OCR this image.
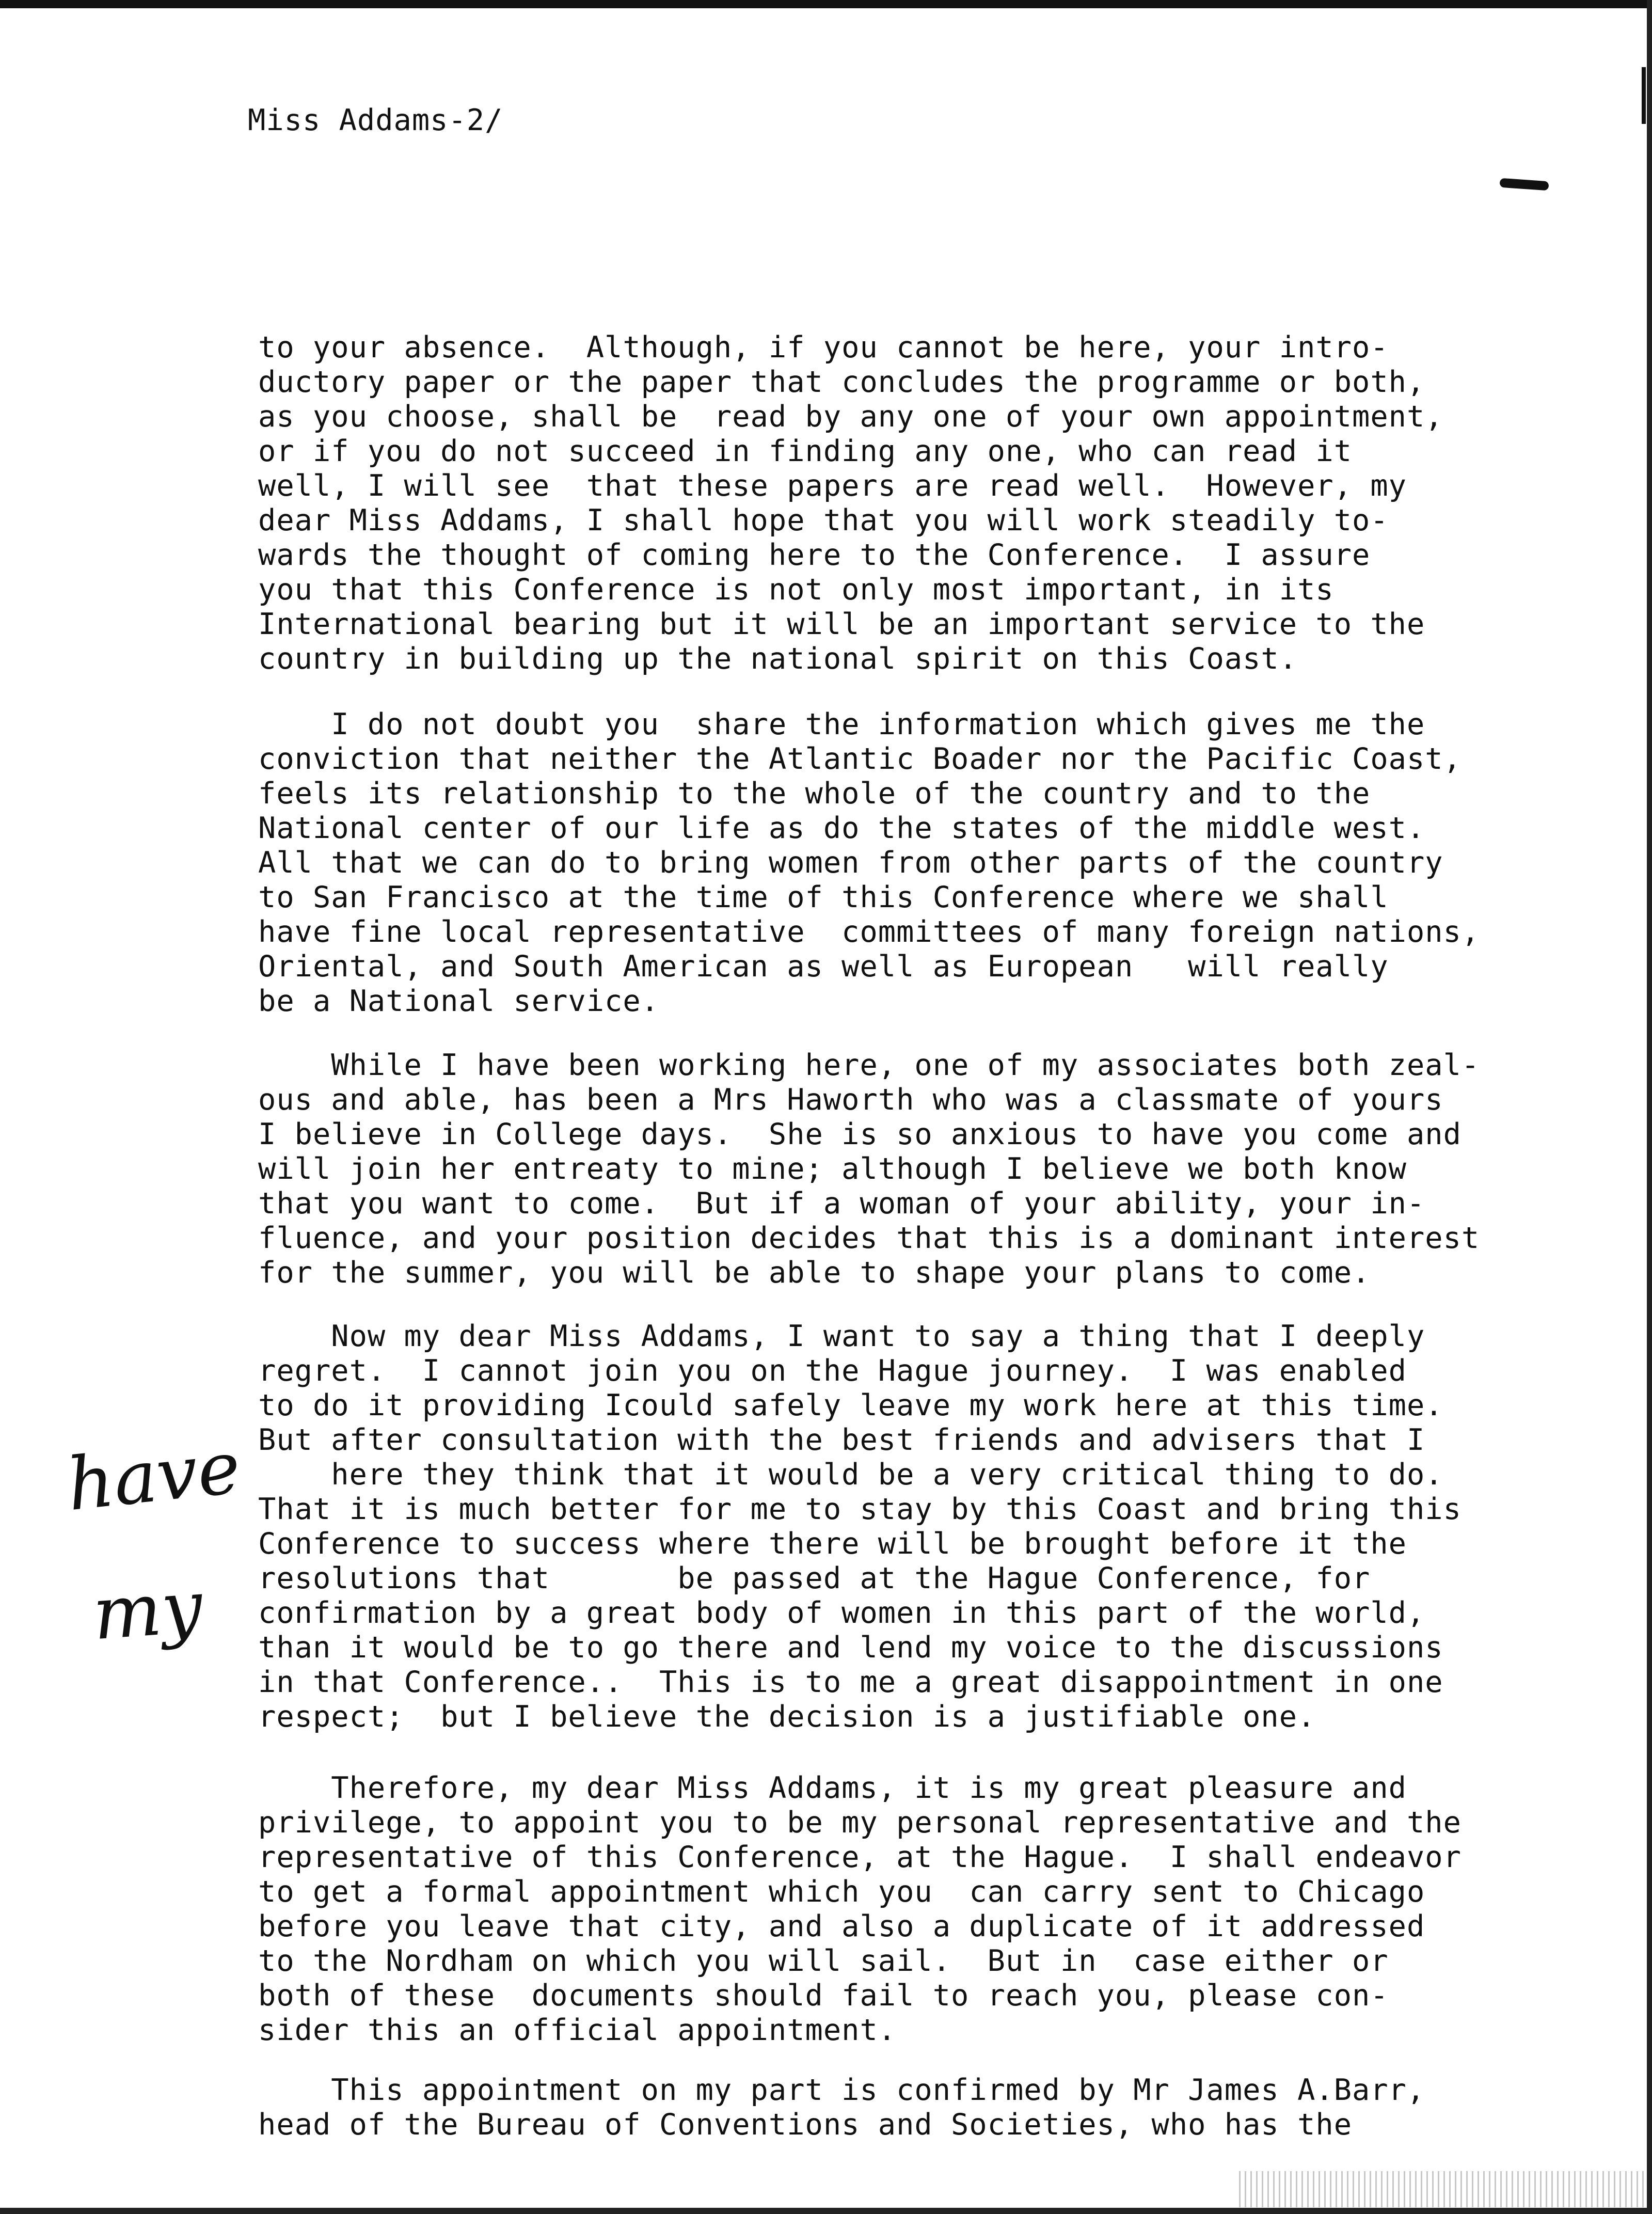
Miss Addams-2/
to your absence.  Although, if you cannot be here, your intro-
ductory paper or the paper that concludes the programme or both,
as you choose, shall be  read by any one of your own appointment,
or if you do not succeed in finding any one, who can read it
well, I will see  that these papers are read well.  However, my
dear Miss Addams, I shall hope that you will work steadily to-
wards the thought of coming here to the Conference.  I assure
you that this Conference is not only most important, in its
International bearing but it will be an important service to the
country in building up the national spirit on this Coast.
I do not doubt you  share the information which gives me the
conviction that neither the Atlantic Boader nor the Pacific Coast,
feels its relationship to the whole of the country and to the
National center of our life as do the states of the middle west.
All that we can do to bring women from other parts of the country
to San Francisco at the time of this Conference where we shall
have fine local representative  committees of many foreign nations,
Oriental, and South American as well as European   will really
be a National service.
While I have been working here, one of my associates both zeal-
ous and able, has been a Mrs Haworth who was a classmate of yours
I believe in College days.  She is so anxious to have you come and
will join her entreaty to mine; although I believe we both know
that you want to come.  But if a woman of your ability, your in-
fluence, and your position decides that this is a dominant interest
for the summer, you will be able to shape your plans to come.
Now my dear Miss Addams, I want to say a thing that I deeply
regret.  I cannot join you on the Hague journey.  I was enabled
to do it providing Icould safely leave my work here at this time.
But after consultation with the best friends and advisers that I
here they think that it would be a very critical thing to do.
That it is much better for me to stay by this Coast and bring this
Conference to success where there will be brought before it the
resolutions that       be passed at the Hague Conference, for
confirmation by a great body of women in this part of the world,
than it would be to go there and lend my voice to the discussions
in that Conference..  This is to me a great disappointment in one
respect;  but I believe the decision is a justifiable one.
Therefore, my dear Miss Addams, it is my great pleasure and
privilege, to appoint you to be my personal representative and the
representative of this Conference, at the Hague.  I shall endeavor
to get a formal appointment which you  can carry sent to Chicago
before you leave that city, and also a duplicate of it addressed
to the Nordham on which you will sail.  But in  case either or
both of these  documents should fail to reach you, please con-
sider this an official appointment.
This appointment on my part is confirmed by Mr James A.Barr,
head of the Bureau of Conventions and Societies, who has the
have
my
